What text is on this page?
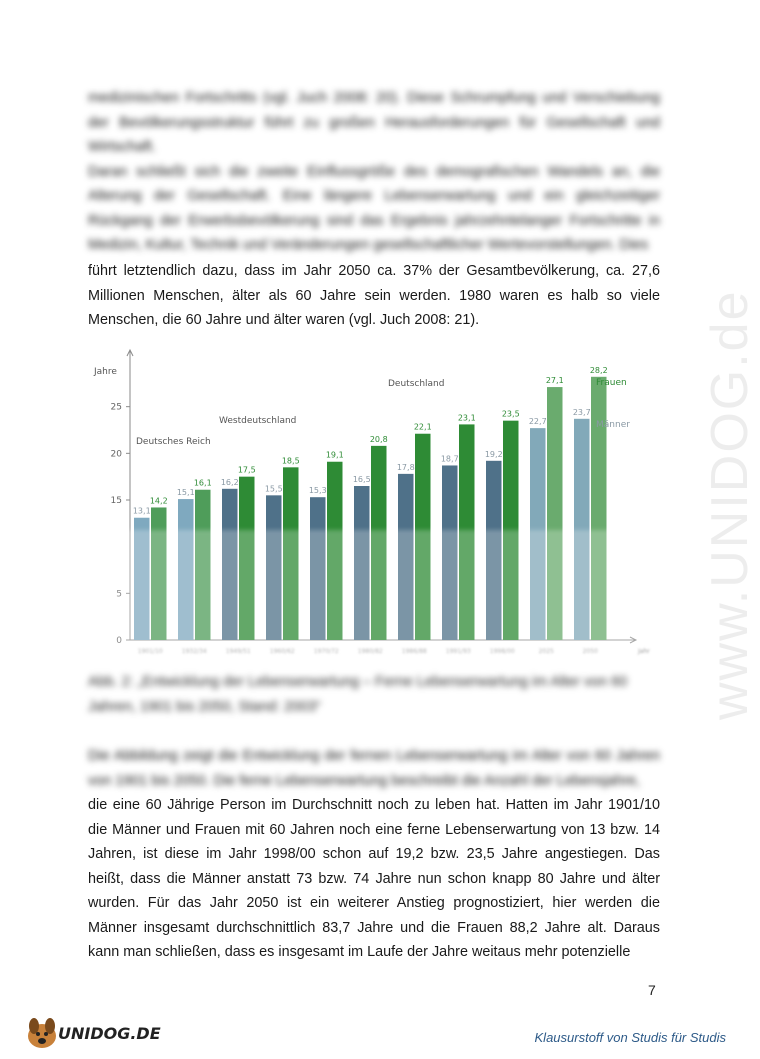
www.UNIDOG.de
medizinischen Fortschritts (vgl. Juch 2008: 20). Diese Schrumpfung und Verschiebung
der Bevölkerungsstruktur führt zu großen Herausforderungen für Gesellschaft und
Wirtschaft.
Daran schließt sich die zweite Einflussgröße des demografischen Wandels an, die
Alterung der Gesellschaft. Eine längere Lebenserwartung und ein gleichzeitiger
Rückgang der Erwerbsbevölkerung sind das Ergebnis jahrzehntelanger Fortschritte in
Medizin, Kultur, Technik und Veränderungen gesellschaftlicher Wertevorstellungen. Dies
führt letztendlich dazu, dass im Jahr 2050 ca. 37% der Gesamtbevölkerung, ca. 27,6
Millionen Menschen, älter als 60 Jahre sein werden. 1980 waren es halb so viele
Menschen, die 60 Jahre und älter waren (vgl. Juch 2008: 21).
Jahre
0
5
15
20
25
13,1
14,2
1901/10
15,1
16,1
1932/34
16,2
17,5
1949/51
15,5
18,5
1960/62
15,3
19,1
1970/72
16,5
20,8
1980/82
17,8
22,1
1986/88
18,7
23,1
1991/93
19,2
23,5
1998/00
22,7
27,1
2025
23,7
28,2
2050	Jahr
Deutsches Reich
Westdeutschland
Deutschland	Frauen
Männer
Abb. 2: „Entwicklung der Lebenserwartung – Ferne Lebenserwartung im Alter von 60
Jahren, 1901 bis 2050, Stand: 2003“
Die Abbildung zeigt die Entwicklung der fernen Lebenserwartung im Alter von 60 Jahren
von 1901 bis 2050. Die ferne Lebenserwartung beschreibt die Anzahl der Lebensjahre,
die eine 60 Jährige Person im Durchschnitt noch zu leben hat. Hatten im Jahr 1901/10
die Männer und Frauen mit 60 Jahren noch eine ferne Lebenserwartung von 13 bzw. 14
Jahren, ist diese im Jahr 1998/00 schon auf 19,2 bzw. 23,5 Jahre angestiegen. Das
heißt, dass die Männer anstatt 73 bzw. 74 Jahre nun schon knapp 80 Jahre und älter
wurden. Für das Jahr 2050 ist ein weiterer Anstieg prognostiziert, hier werden die
Männer insgesamt durchschnittlich 83,7 Jahre und die Frauen 88,2 Jahre alt. Daraus
kann man schließen, dass es insgesamt im Laufe der Jahre weitaus mehr potenzielle
7
UNIDOG.DE	Klausurstoff von Studis für Studis
